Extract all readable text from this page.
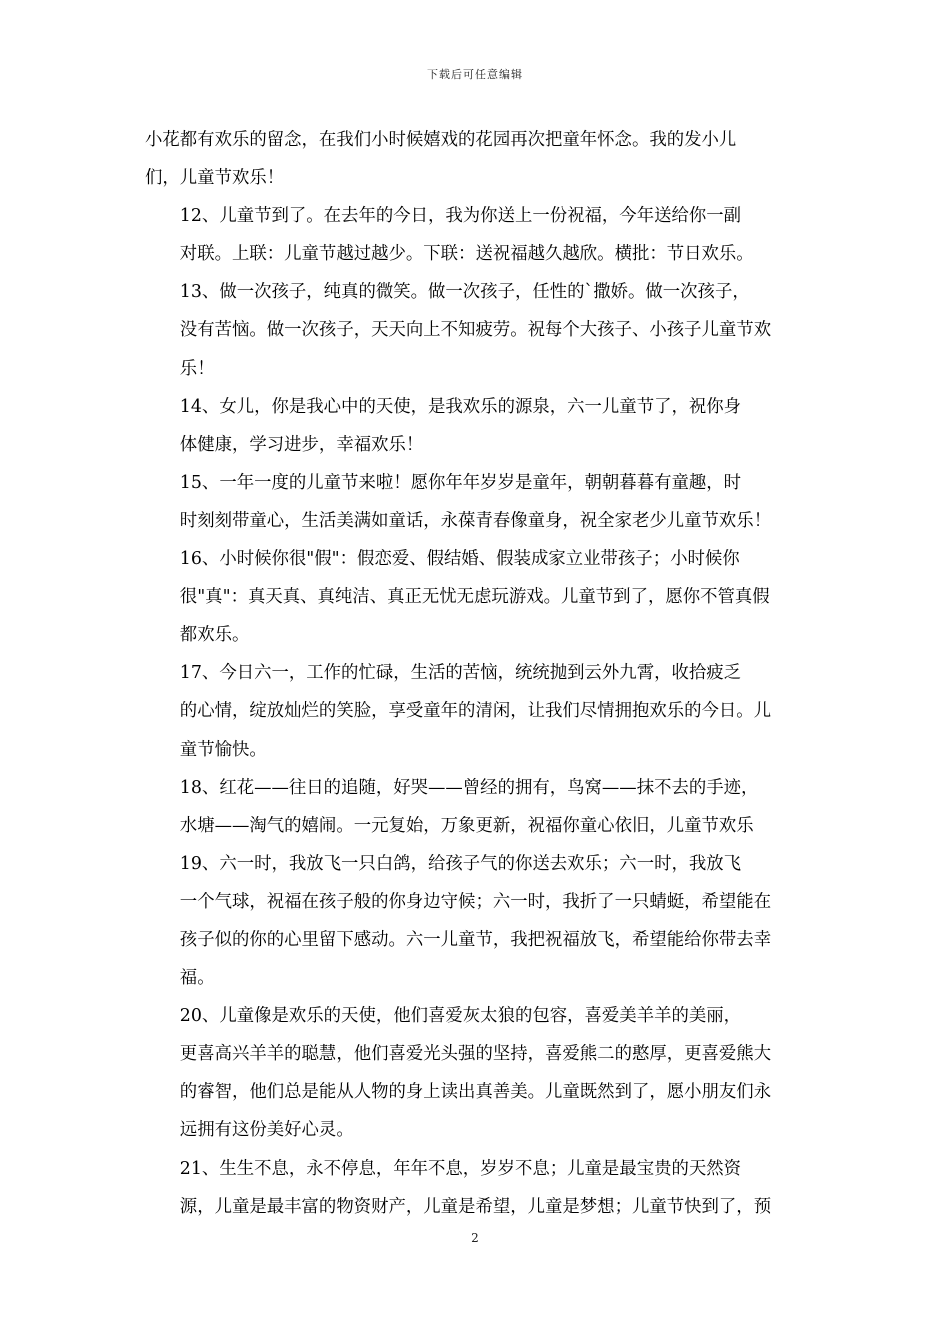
下载后可任意编辑

小花都有欢乐的留念，在我们小时候嬉戏的花园再次把童年怀念。我的发小儿
们，儿童节欢乐！

12、儿童节到了。在去年的今日，我为你送上一份祝福，今年送给你一副
对联。上联：儿童节越过越少。下联：送祝福越久越欣。横批：节日欢乐。

13、做一次孩子，纯真的微笑。做一次孩子，任性的`撒娇。做一次孩子，
没有苦恼。做一次孩子，天天向上不知疲劳。祝每个大孩子、小孩子儿童节欢
乐！

14、女儿，你是我心中的天使，是我欢乐的源泉，六一儿童节了，祝你身
体健康，学习进步，幸福欢乐！

15、一年一度的儿童节来啦！愿你年年岁岁是童年，朝朝暮暮有童趣，时
时刻刻带童心，生活美满如童话，永葆青春像童身，祝全家老少儿童节欢乐！

16、小时候你很"假"：假恋爱、假结婚、假装成家立业带孩子；小时候你
很"真"：真天真、真纯洁、真正无忧无虑玩游戏。儿童节到了，愿你不管真假
都欢乐。

17、今日六一，工作的忙碌，生活的苦恼，统统抛到云外九霄，收拾疲乏
的心情，绽放灿烂的笑脸，享受童年的清闲，让我们尽情拥抱欢乐的今日。儿
童节愉快。

18、红花——往日的追随，好哭——曾经的拥有，鸟窝——抹不去的手迹，
水塘——淘气的嬉闹。一元复始，万象更新，祝福你童心依旧，儿童节欢乐

19、六一时，我放飞一只白鸽，给孩子气的你送去欢乐；六一时，我放飞
一个气球，祝福在孩子般的你身边守候；六一时，我折了一只蜻蜓，希望能在
孩子似的你的心里留下感动。六一儿童节，我把祝福放飞，希望能给你带去幸
福。

20、儿童像是欢乐的天使，他们喜爱灰太狼的包容，喜爱美羊羊的美丽，
更喜高兴羊羊的聪慧，他们喜爱光头强的坚持，喜爱熊二的憨厚，更喜爱熊大
的睿智，他们总是能从人物的身上读出真善美。儿童既然到了，愿小朋友们永
远拥有这份美好心灵。

21、生生不息，永不停息，年年不息，岁岁不息；儿童是最宝贵的天然资
源，儿童是最丰富的物资财产，儿童是希望，儿童是梦想；儿童节快到了，预

2
